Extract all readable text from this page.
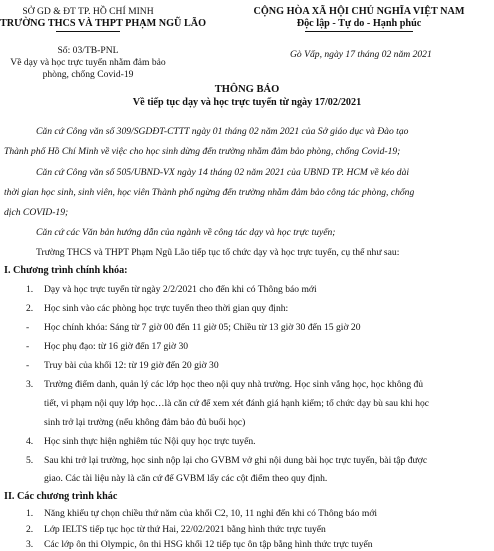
SỞ GD & ĐT TP. HỒ CHÍ MINH
TRƯỜNG THCS VÀ THPT PHẠM NGŨ LÃO
CỘNG HÒA XÃ HỘI CHỦ NGHĨA VIỆT NAM
Độc lập - Tự do - Hạnh phúc
Số: 03/TB-PNL
Về dạy và học trực tuyến nhằm đảm bảo
phòng, chống Covid-19
Gò Vấp, ngày 17 tháng 02 năm 2021
THÔNG BÁO
Về tiếp tục dạy và học trực tuyến từ ngày 17/02/2021
Căn cứ Công văn số 309/SGDĐT-CTTT ngày 01 tháng 02 năm 2021 của Sở giáo dục và Đào tạo
Thành phố Hồ Chí Minh về việc cho học sinh dừng đến trường nhằm đảm bảo phòng, chống Covid-19;
Căn cứ Công văn số 505/UBND-VX ngày 14 tháng 02 năm 2021 của UBND TP. HCM về kéo dài
thời gian học sinh, sinh viên, học viên Thành phố ngừng đến trường nhằm đảm bảo công tác phòng, chống
dịch COVID-19;
Căn cứ các Văn bản hướng dẫn của ngành về công tác dạy và học trực tuyến;
Trường THCS và THPT Phạm Ngũ Lão tiếp tục tổ chức dạy và học trực tuyến, cụ thể như sau:
I. Chương trình chính khóa:
1. Dạy và học trực tuyến từ ngày 2/2/2021 cho đến khi có Thông báo mới
2. Học sinh vào các phòng học trực tuyến theo thời gian quy định:
- Học chính khóa: Sáng từ 7 giờ 00 đến 11 giờ 05; Chiều từ 13 giờ 30 đến 15 giờ 20
- Học phụ đạo: từ 16 giờ đến 17 giờ 30
- Truy bài của khối 12: từ 19 giờ đến 20 giờ 30
3. Trường điểm danh, quản lý các lớp học theo nội quy nhà trường. Học sinh vắng học, học không đủ
tiết, vi phạm nội quy lớp học…là căn cứ để xem xét đánh giá hạnh kiểm; tổ chức dạy bù sau khi học
sinh trở lại trường (nếu không đảm bảo đủ buổi học)
4. Học sinh thực hiện nghiêm túc Nội quy học trực tuyến.
5. Sau khi trở lại trường, học sinh nộp lại cho GVBM vở ghi nội dung bài học trực tuyến, bài tập được
giao. Các tài liệu này là căn cứ để GVBM lấy các cột điểm theo quy định.
II. Các chương trình khác
1. Năng khiếu tự chọn chiều thứ năm của khối C2, 10, 11 nghỉ đến khi có Thông báo mới
2. Lớp IELTS tiếp tục học từ thứ Hai, 22/02/2021 bằng hình thức trực tuyến
3. Các lớp ôn thi Olympic, ôn thi HSG khối 12 tiếp tục ôn tập bằng hình thức trực tuyến
